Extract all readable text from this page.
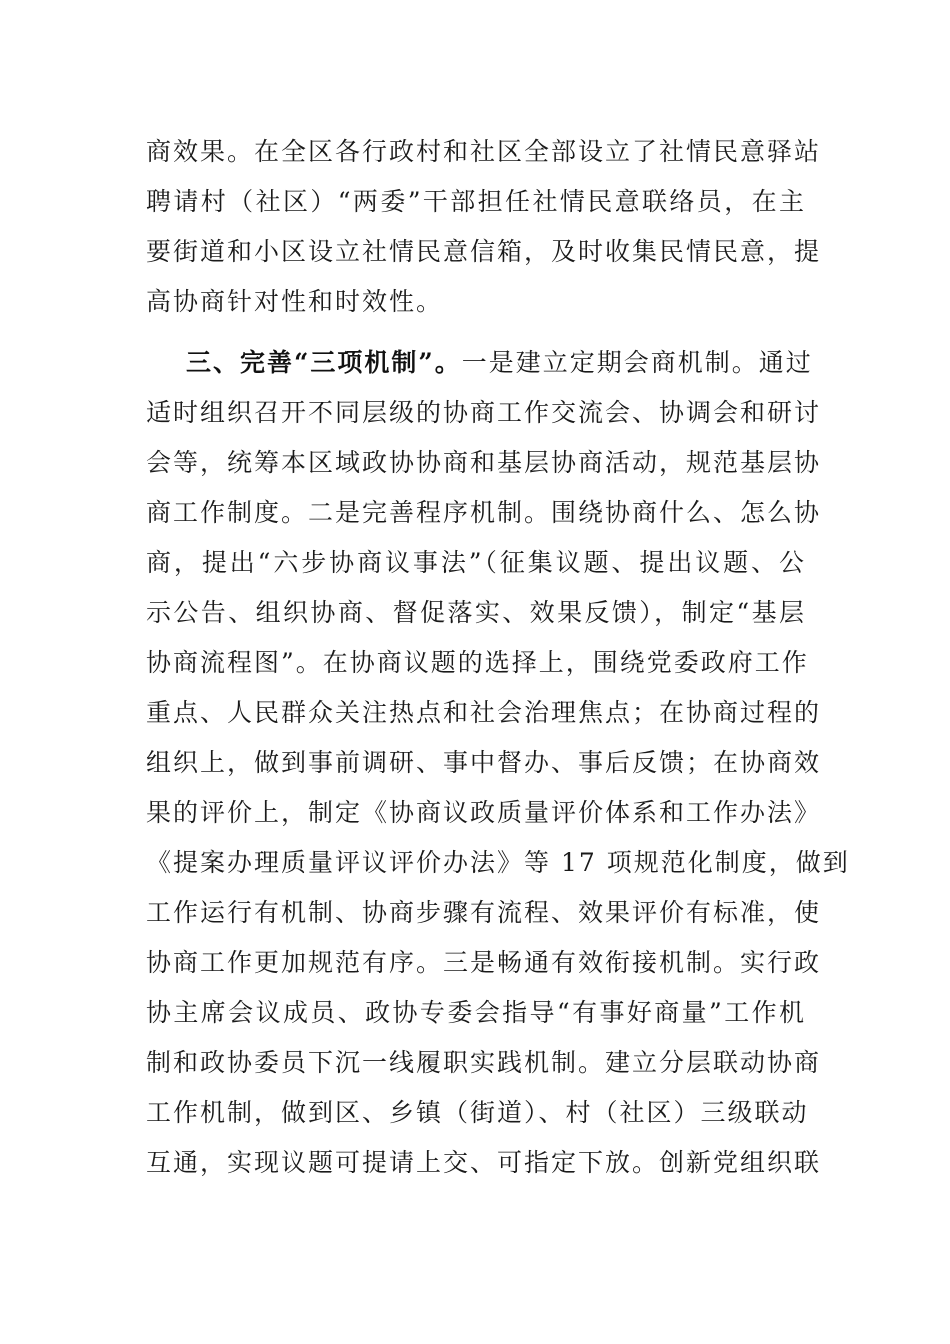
商效果。在全区各行政村和社区全部设立了社情民意驿站
聘请村（社区）“两委”干部担任社情民意联络员，在主
要街道和小区设立社情民意信箱，及时收集民情民意，提
高协商针对性和时效性。
三、完善“三项机制”。一是建立定期会商机制。通过
适时组织召开不同层级的协商工作交流会、协调会和研讨
会等，统筹本区域政协协商和基层协商活动，规范基层协
商工作制度。二是完善程序机制。围绕协商什么、怎么协
商，提出“六步协商议事法”（征集议题、提出议题、公
示公告、组织协商、督促落实、效果反馈），制定“基层
协商流程图”。在协商议题的选择上，围绕党委政府工作
重点、人民群众关注热点和社会治理焦点；在协商过程的
组织上，做到事前调研、事中督办、事后反馈；在协商效
果的评价上，制定《协商议政质量评价体系和工作办法》
《提案办理质量评议评价办法》等 17 项规范化制度，做到
工作运行有机制、协商步骤有流程、效果评价有标准，使
协商工作更加规范有序。三是畅通有效衔接机制。实行政
协主席会议成员、政协专委会指导“有事好商量”工作机
制和政协委员下沉一线履职实践机制。建立分层联动协商
工作机制，做到区、乡镇（街道）、村（社区）三级联动
互通，实现议题可提请上交、可指定下放。创新党组织联
